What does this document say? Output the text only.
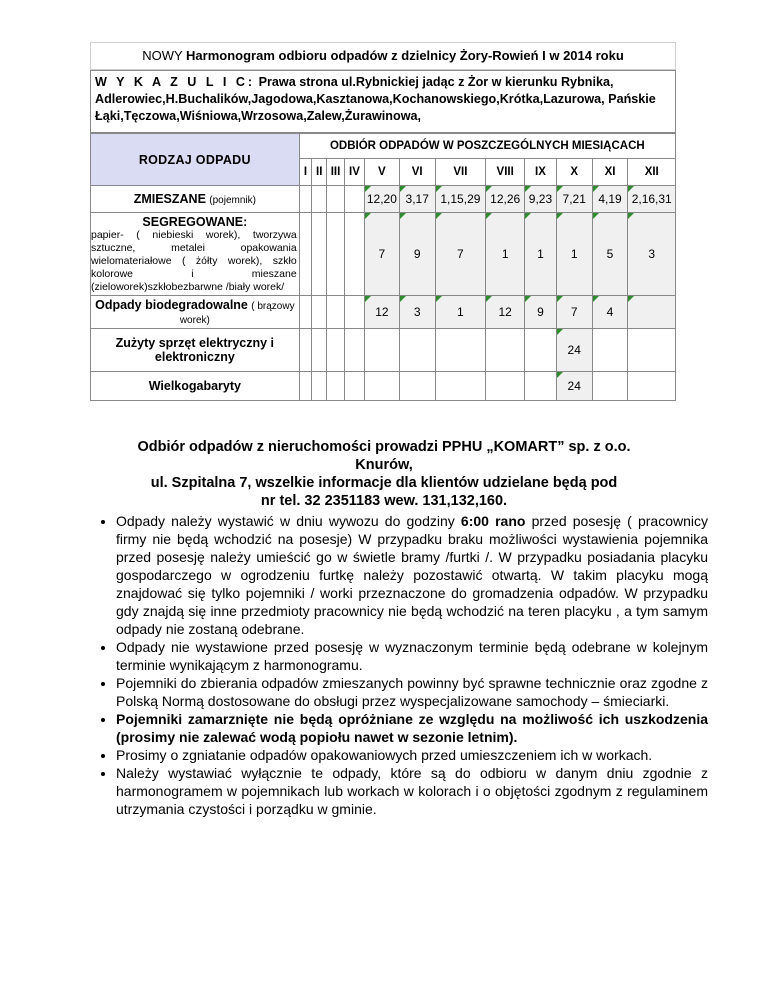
NOWY Harmonogram odbioru odpadów z dzielnicy Żory-Rowień I w 2014 roku
W Y K A Z U L I C: Prawa strona ul.Rybnickiej jadąc z Żor w kierunku Rybnika, Adlerowiec,H.Buchalików,Jagodowa,Kasztanowa,Kochanowskiego,Krótka,Lazurowa, Pańskie Łąki,Tęczowa,Wiśniowa,Wrzosowa,Zalew,Żurawinowa,
RODZAJ ODPADU	ODBIÓR ODPADÓW W POSZCZEGÓLNYCH MIESIĄCACH											
	I	II	III	IV	V	VI	VII	VIII	IX	X	XI	XII
ZMIESZANE (pojemnik)					12,20	3,17	1,15,29	12,26	9,23	7,21	4,19	2,16,31
SEGREGOWANE:
papier- ( niebieski worek), tworzywa sztuczne, metalei opakowania wielomateriałowe ( żółty worek), szkło kolorowe i mieszane (zieloworek)szkłobezbarwne /biały worek/					7	9	7	1	1	1	5	3
Odpady biodegradowalne ( brązowy worek)					12	3	1	12	9	7	4	

Zużyty sprzęt elektryczny i elektroniczny										24		
Wielkogabaryty										24		
Odbiór odpadów z nieruchomości prowadzi PPHU „KOMART” sp. z o.o.
Knurów,
ul. Szpitalna 7, wszelkie informacje dla klientów udzielane będą pod
nr tel. 32 2351183 wew. 131,132,160.
• Odpady należy wystawić w dniu wywozu do godziny 6:00 rano przed posesję ( pracownicy firmy nie będą wchodzić na posesje) W przypadku braku możliwości wystawienia pojemnika przed posesję należy umieścić go w świetle bramy /furtki /. W przypadku posiadania placyku gospodarczego w ogrodzeniu furtkę należy pozostawić otwartą. W takim placyku mogą znajdować się tylko pojemniki / worki przeznaczone do gromadzenia odpadów. W przypadku gdy znajdą się inne przedmioty pracownicy nie będą wchodzić na teren placyku , a tym samym odpady nie zostaną odebrane.
• Odpady nie wystawione przed posesję w wyznaczonym terminie będą odebrane w kolejnym terminie wynikającym z harmonogramu.
• Pojemniki do zbierania odpadów zmieszanych powinny być sprawne technicznie oraz zgodne z Polską Normą dostosowane do obsługi przez wyspecjalizowane samochody – śmieciarki.
• Pojemniki zamarznięte nie będą opróżniane ze względu na możliwość ich uszkodzenia (prosimy nie zalewać wodą popiołu nawet w sezonie letnim).
• Prosimy o zgniatanie odpadów opakowaniowych przed umieszczeniem ich w workach.
• Należy wystawiać wyłącznie te odpady, które są do odbioru w danym dniu zgodnie z harmonogramem w pojemnikach lub workach w kolorach i o objętości zgodnym z regulaminem utrzymania czystości i porządku w gminie.
